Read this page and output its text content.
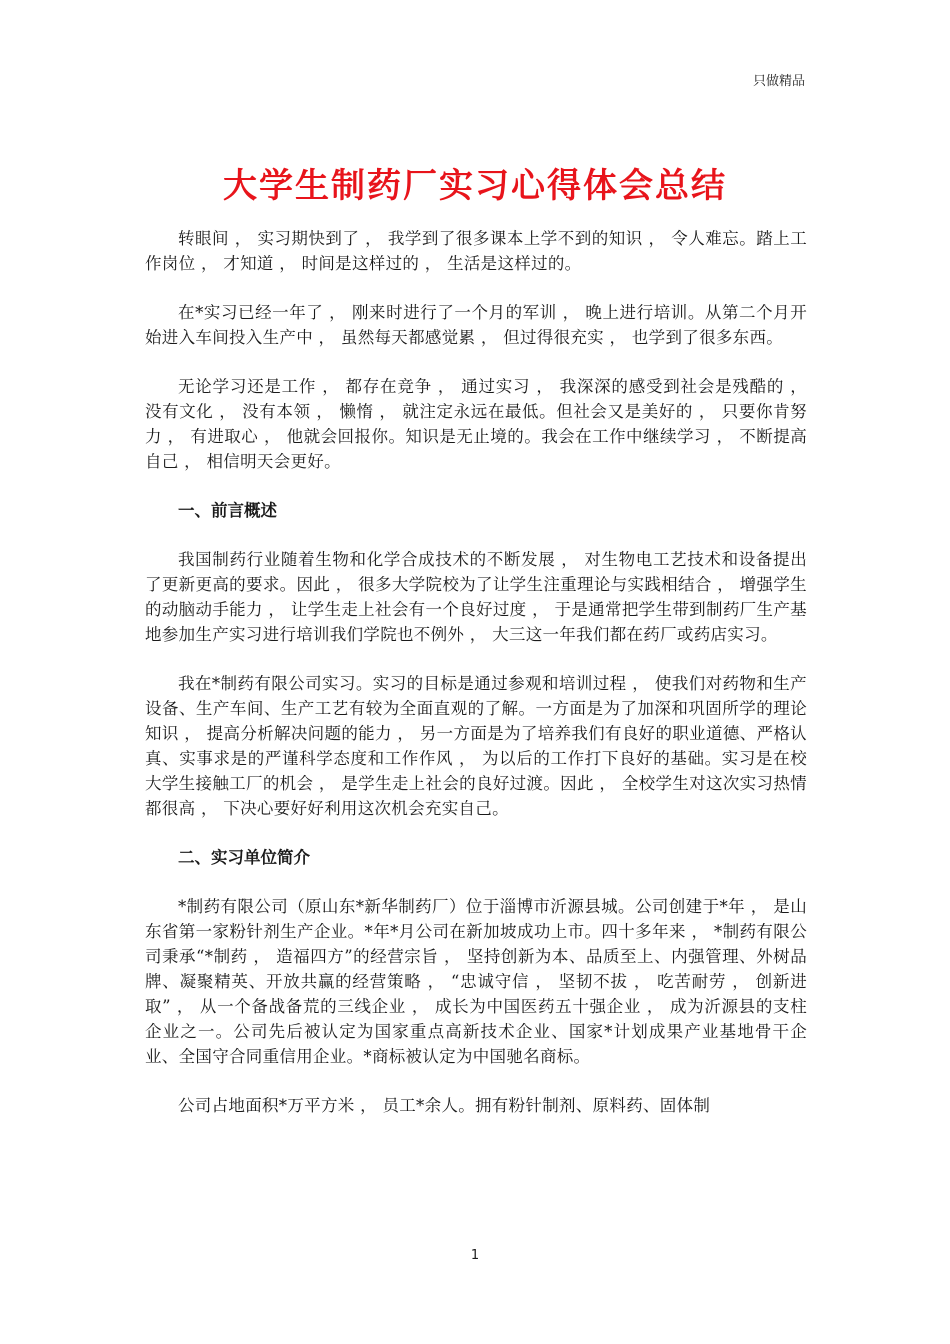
只做精品
大学生制药厂实习心得体会总结

转眼间 ， 实习期快到了 ， 我学到了很多课本上学不到的知识 ， 令人难忘。踏上工作岗位 ， 才知道 ， 时间是这样过的 ， 生活是这样过的。

在*实习已经一年了 ， 刚来时进行了一个月的军训 ， 晚上进行培训。从第二个月开始进入车间投入生产中 ， 虽然每天都感觉累 ， 但过得很充实 ， 也学到了很多东西。

无论学习还是工作 ， 都存在竞争 ， 通过实习 ， 我深深的感受到社会是残酷的 ， 没有文化 ， 没有本领 ， 懒惰 ， 就注定永远在最低。但社会又是美好的 ， 只要你肯努力 ， 有进取心 ， 他就会回报你。知识是无止境的。我会在工作中继续学习 ， 不断提高自己 ， 相信明天会更好。

一、前言概述

我国制药行业随着生物和化学合成技术的不断发展 ， 对生物电工艺技术和设备提出了更新更高的要求。因此 ， 很多大学院校为了让学生注重理论与实践相结合 ， 增强学生的动脑动手能力 ， 让学生走上社会有一个良好过度 ， 于是通常把学生带到制药厂生产基地参加生产实习进行培训我们学院也不例外 ， 大三这一年我们都在药厂或药店实习。

我在*制药有限公司实习。实习的目标是通过参观和培训过程 ， 使我们对药物和生产设备、生产车间、生产工艺有较为全面直观的了解。一方面是为了加深和巩固所学的理论知识 ， 提高分析解决问题的能力 ， 另一方面是为了培养我们有良好的职业道德、严格认真、实事求是的严谨科学态度和工作作风 ， 为以后的工作打下良好的基础。实习是在校大学生接触工厂的机会 ， 是学生走上社会的良好过渡。因此 ， 全校学生对这次实习热情都很高 ， 下决心要好好利用这次机会充实自己。

二、实习单位简介

*制药有限公司（原山东*新华制药厂）位于淄博市沂源县城。公司创建于*年 ， 是山东省第一家粉针剂生产企业。*年*月公司在新加坡成功上市。四十多年来 ， *制药有限公司秉承“*制药 ， 造福四方”的经营宗旨 ， 坚持创新为本、品质至上、内强管理、外树品牌、凝聚精英、开放共赢的经营策略 ， “忠诚守信 ， 坚韧不拔 ， 吃苦耐劳 ， 创新进取” ， 从一个备战备荒的三线企业 ， 成长为中国医药五十强企业 ， 成为沂源县的支柱企业之一。公司先后被认定为国家重点高新技术企业、国家*计划成果产业基地骨干企业、全国守合同重信用企业。*商标被认定为中国驰名商标。

公司占地面积*万平方米 ， 员工*余人。拥有粉针制剂、原料药、固体制

1
